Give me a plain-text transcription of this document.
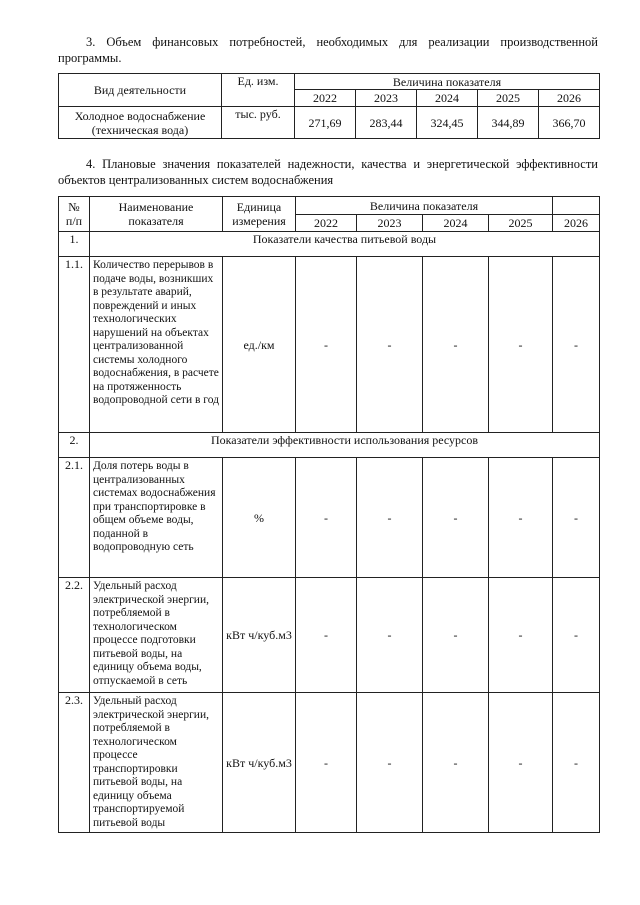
3. Объем финансовых потребностей, необходимых для реализации производственной программы.
Вид деятельности	Ед. изм.	Величина показателя				
		2022	2023	2024	2025	2026
Холодное водоснабжение (техническая вода)	тыс. руб.	271,69	283,44	324,45	344,89	366,70
4. Плановые значения показателей надежности, качества и энергетической эффективности объектов централизованных систем водоснабжения
№ п/п	Наименование показателя	Единица измерения	Величина показателя				
			2022	2023	2024	2025	2026
1.	Показатели качества питьевой воды						
1.1.	Количество перерывов в подаче воды, возникших в результате аварий, повреждений и иных технологических нарушений на объектах централизованной системы холодного водоснабжения, в расчете на протяженность водопроводной сети в год	ед./км	-	-	-	-	-
2.	Показатели эффективности использования ресурсов						
2.1.	Доля потерь воды в централизованных системах водоснабжения при транспортировке в общем объеме воды, поданной в водопроводную сеть	%	-	-	-	-	-
2.2.	Удельный расход электрической энергии, потребляемой в технологическом процессе подготовки питьевой воды, на единицу объема воды, отпускаемой в сеть	кВт ч/куб.м3	-	-	-	-	-
2.3.	Удельный расход электрической энергии, потребляемой в технологическом процессе транспортировки питьевой воды, на единицу объема транспортируемой питьевой воды	кВт ч/куб.м3	-	-	-	-	-
